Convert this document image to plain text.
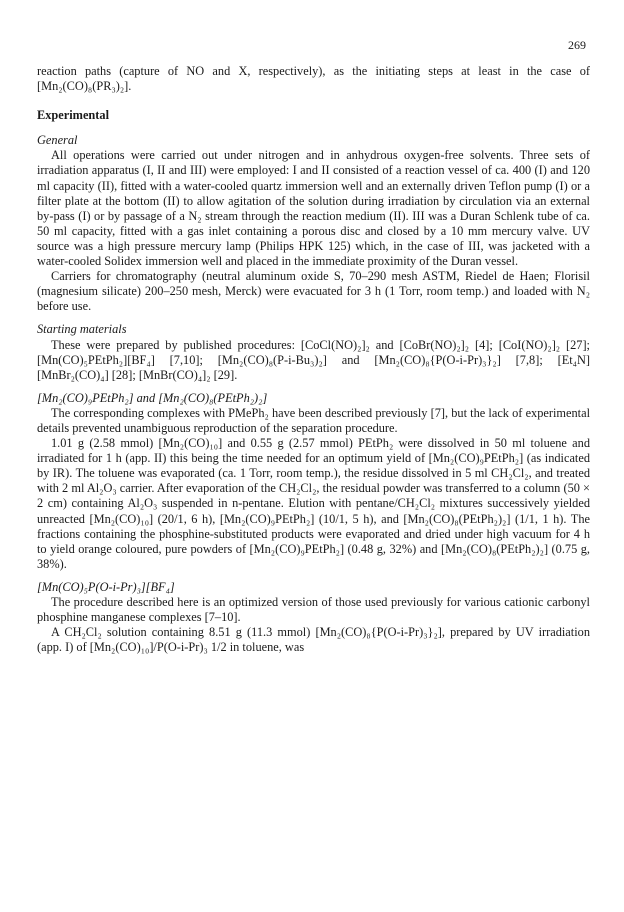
269

reaction paths (capture of NO and X, respectively), as the initiating steps at least in the case of [Mn₂(CO)₈(PR₃)₂].

Experimental

General

All operations were carried out under nitrogen and in anhydrous oxygen-free solvents. Three sets of irradiation apparatus (I, II and III) were employed: I and II consisted of a reaction vessel of ca. 400 (I) and 120 ml capacity (II), fitted with a water-cooled quartz immersion well and an externally driven Teflon pump (I) or a filter plate at the bottom (II) to allow agitation of the solution during irradiation by circulation via an external by-pass (I) or by passage of a N₂ stream through the reaction medium (II). III was a Duran Schlenk tube of ca. 50 ml capacity, fitted with a gas inlet containing a porous disc and closed by a 10 mm mercury valve. UV source was a high pressure mercury lamp (Philips HPK 125) which, in the case of III, was jacketed with a water-cooled Solidex immersion well and placed in the immediate proximity of the Duran vessel.

Carriers for chromatography (neutral aluminum oxide S, 70–290 mesh ASTM, Riedel de Haen; Florisil (magnesium silicate) 200–250 mesh, Merck) were evacuated for 3 h (1 Torr, room temp.) and loaded with N₂ before use.

Starting materials

These were prepared by published procedures: [CoCl(NO)₂]₂ and [CoBr(NO)₂]₂ [4]; [CoI(NO)₂]₂ [27]; [Mn(CO)₅PEtPh₂][BF₄] [7,10]; [Mn₂(CO)₈(P-i-Bu₃)₂] and [Mn₂(CO)₈{P(O-i-Pr)₃}₂] [7,8]; [Et₄N][MnBr₂(CO)₄] [28]; [MnBr(CO)₄]₂ [29].

[Mn₂(CO)₉PEtPh₂] and [Mn₂(CO)₈(PEtPh₂)₂]

The corresponding complexes with PMePh₂ have been described previously [7], but the lack of experimental details prevented unambiguous reproduction of the separation procedure.

1.01 g (2.58 mmol) [Mn₂(CO)₁₀] and 0.55 g (2.57 mmol) PEtPh₂ were dissolved in 50 ml toluene and irradiated for 1 h (app. II) this being the time needed for an optimum yield of [Mn₂(CO)₉PEtPh₂] (as indicated by IR). The toluene was evaporated (ca. 1 Torr, room temp.), the residue dissolved in 5 ml CH₂Cl₂, and treated with 2 ml Al₂O₃ carrier. After evaporation of the CH₂Cl₂, the residual powder was transferred to a column (50 × 2 cm) containing Al₂O₃ suspended in n-pentane. Elution with pentane/CH₂Cl₂ mixtures successively yielded unreacted [Mn₂(CO)₁₀] (20/1, 6 h), [Mn₂(CO)₉PEtPh₂] (10/1, 5 h), and [Mn₂(CO)₈(PEtPh₂)₂] (1/1, 1 h). The fractions containing the phosphine-substituted products were evaporated and dried under high vacuum for 4 h to yield orange coloured, pure powders of [Mn₂(CO)₉PEtPh₂] (0.48 g, 32%) and [Mn₂(CO)₈(PEtPh₂)₂] (0.75 g, 38%).

[Mn(CO)₅P(O-i-Pr)₃][BF₄]

The procedure described here is an optimized version of those used previously for various cationic carbonyl phosphine manganese complexes [7–10].

A CH₂Cl₂ solution containing 8.51 g (11.3 mmol) [Mn₂(CO)₈{P(O-i-Pr)₃}₂], prepared by UV irradiation (app. I) of [Mn₂(CO)₁₀]/P(O-i-Pr)₃ 1/2 in toluene, was
